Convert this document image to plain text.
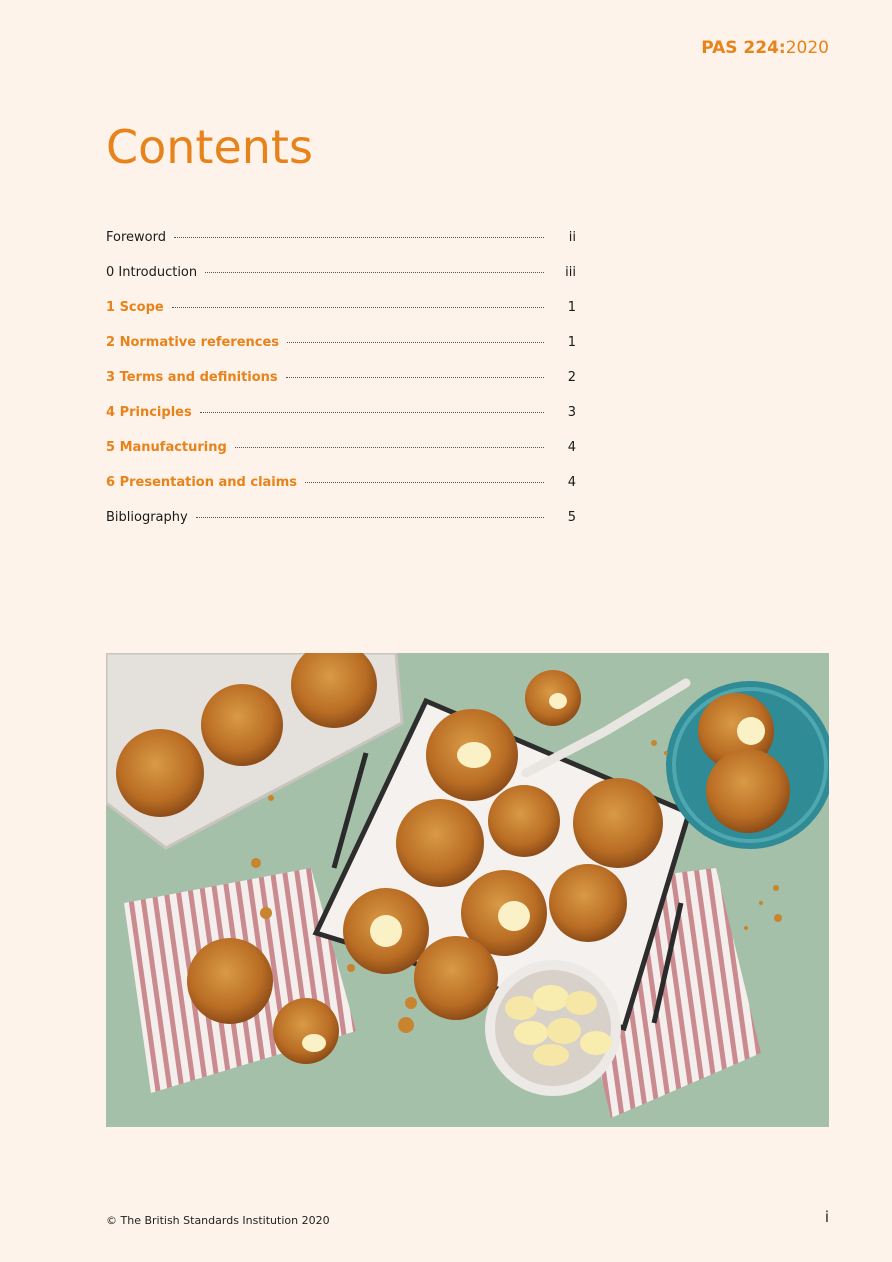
PAS 224:2020
Contents
Foreword	ii
0 Introduction	iii
1 Scope	1
2 Normative references	1
3 Terms and definitions	2
4 Principles	3
5 Manufacturing	4
6 Presentation and claims	4
Bibliography	5
© The British Standards Institution 2020	i
